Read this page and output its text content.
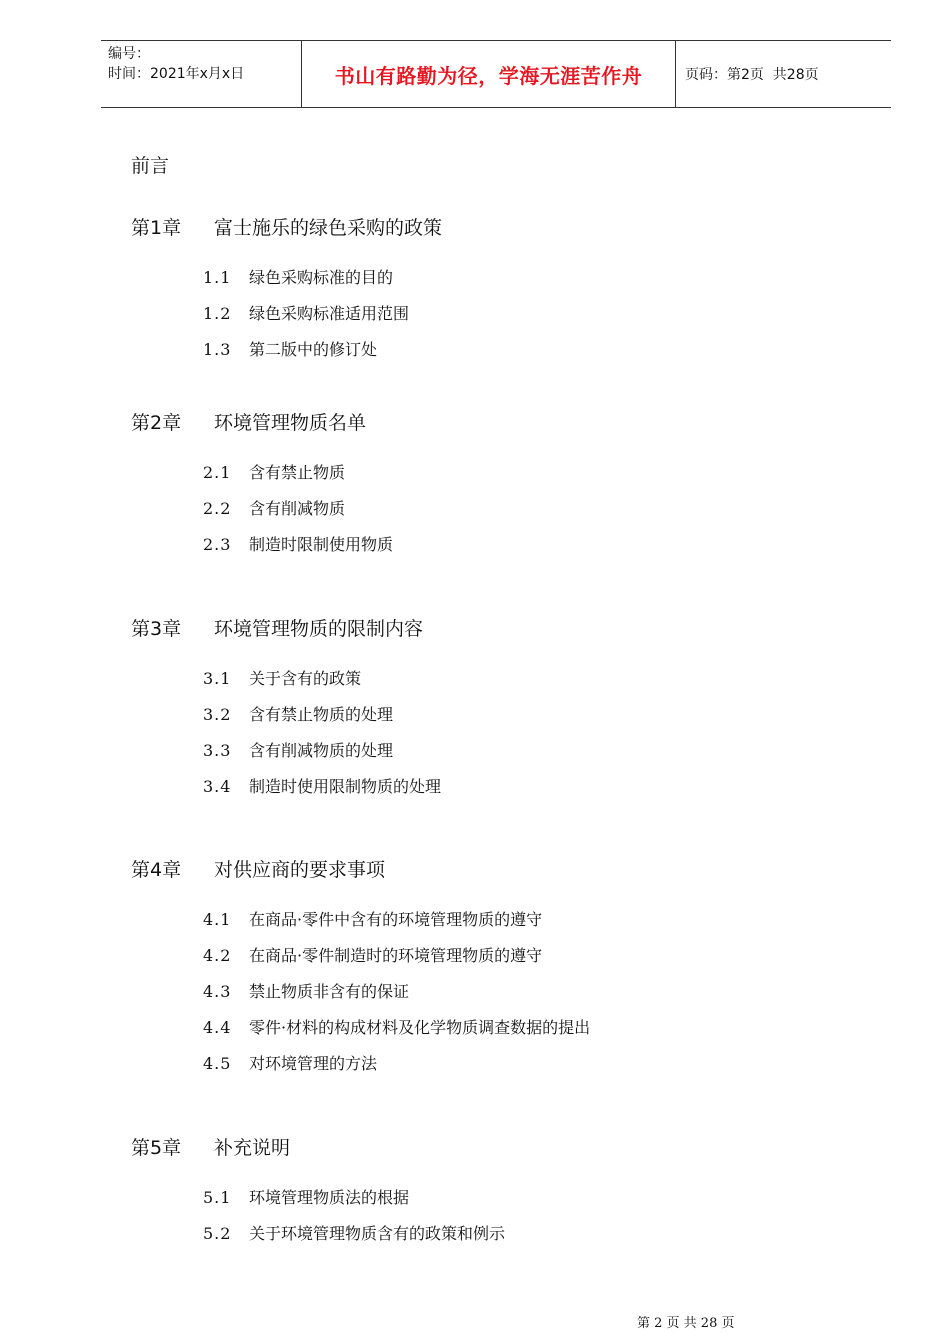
编号：
时间：2021年x月x日	书山有路勤为径，学海无涯苦作舟	页码：第2页  共28页
前言
第1章 富士施乐的绿色采购的政策
1.1 绿色采购标准的目的
1.2 绿色采购标准适用范围
1.3 第二版中的修订处
第2章 环境管理物质名单
2.1 含有禁止物质
2.2 含有削减物质
2.3 制造时限制使用物质
第3章 环境管理物质的限制内容
3.1 关于含有的政策
3.2 含有禁止物质的处理
3.3 含有削减物质的处理
3.4 制造时使用限制物质的处理
第4章 对供应商的要求事项
4.1 在商品·零件中含有的环境管理物质的遵守
4.2 在商品·零件制造时的环境管理物质的遵守
4.3 禁止物质非含有的保证
4.4 零件·材料的构成材料及化学物质调查数据的提出
4.5 对环境管理的方法
第5章 补充说明
5.1 环境管理物质法的根据
5.2 关于环境管理物质含有的政策和例示
第 2 页 共 28 页
